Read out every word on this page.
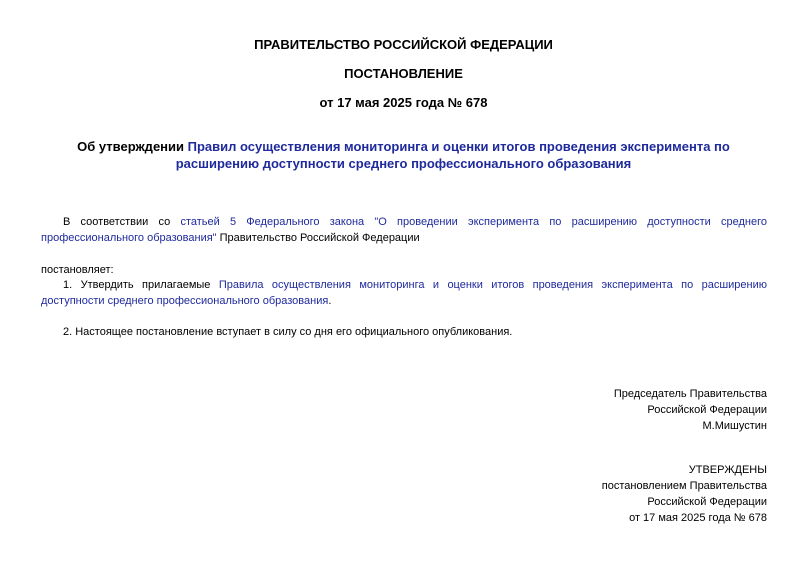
ПРАВИТЕЛЬСТВО РОССИЙСКОЙ ФЕДЕРАЦИИ
ПОСТАНОВЛЕНИЕ
от 17 мая 2025 года № 678
Об утверждении Правил осуществления мониторинга и оценки итогов проведения эксперимента по расширению доступности среднего профессионального образования
В соответствии со статьей 5 Федерального закона "О проведении эксперимента по расширению доступности среднего профессионального образования" Правительство Российской Федерации
постановляет:
1. Утвердить прилагаемые Правила осуществления мониторинга и оценки итогов проведения эксперимента по расширению доступности среднего профессионального образования.
2. Настоящее постановление вступает в силу со дня его официального опубликования.
Председатель Правительства
Российской Федерации
М.Мишустин
УТВЕРЖДЕНЫ
постановлением Правительства
Российской Федерации
от 17 мая 2025 года № 678
